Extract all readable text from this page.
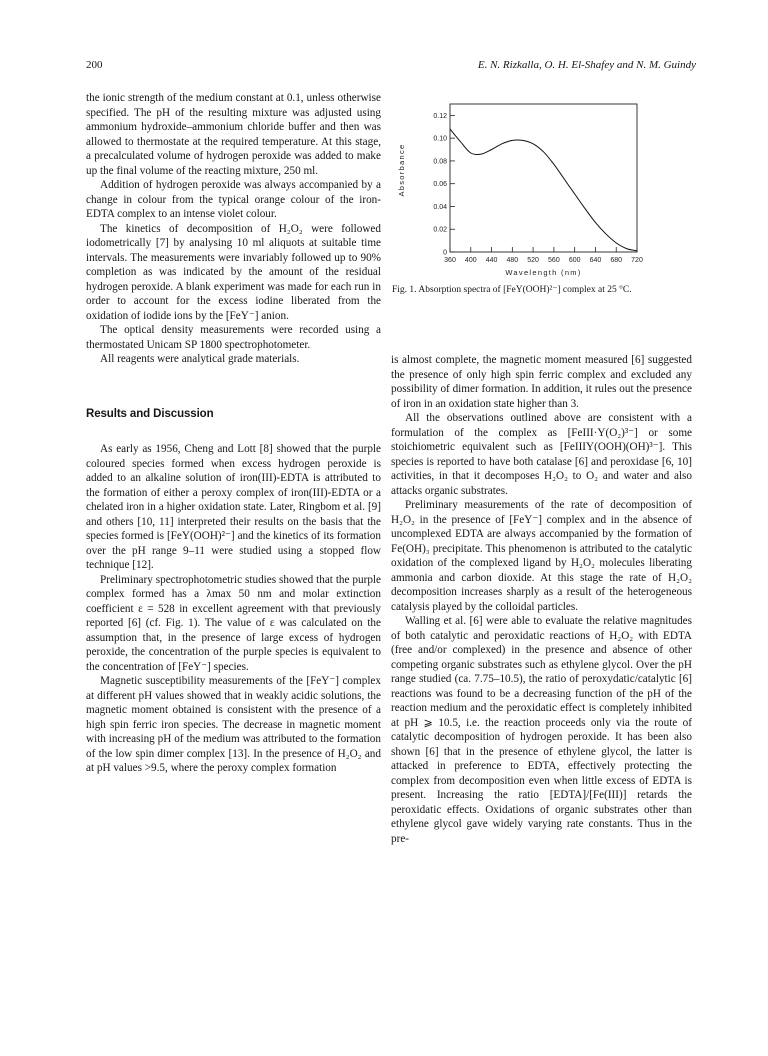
200	E. N. Rizkalla, O. H. El-Shafey and N. M. Guindy

the ionic strength of the medium constant at 0.1, unless otherwise specified. The pH of the resulting mixture was adjusted using ammonium hydroxide–ammonium chloride buffer and then was allowed to thermostate at the required temperature. At this stage, a precalculated volume of hydrogen peroxide was added to make up the final volume of the reacting mixture, 250 ml.

Addition of hydrogen peroxide was always accompanied by a change in colour from the typical orange colour of the iron-EDTA complex to an intense violet colour.

The kinetics of decomposition of H₂O₂ were followed iodometrically [7] by analysing 10 ml aliquots at suitable time intervals. The measurements were invariably followed up to 90% completion as was indicated by the amount of the residual hydrogen peroxide. A blank experiment was made for each run in order to account for the excess iodine liberated from the oxidation of iodide ions by the [FeY⁻] anion.

The optical density measurements were recorded using a thermostated Unicam SP 1800 spectrophotometer.

All reagents were analytical grade materials.

Results and Discussion

As early as 1956, Cheng and Lott [8] showed that the purple coloured species formed when excess hydrogen peroxide is added to an alkaline solution of iron(III)-EDTA is attributed to the formation of either a peroxy complex of iron(III)-EDTA or a chelated iron in a higher oxidation state. Later, Ringbom et al. [9] and others [10, 11] interpreted their results on the basis that the species formed is [FeY(OOH)²⁻] and the kinetics of its formation over the pH range 9–11 were studied using a stopped flow technique [12].

Preliminary spectrophotometric studies showed that the purple complex formed has a λmax 50 nm and molar extinction coefficient ε = 528 in excellent agreement with that previously reported [6] (cf. Fig. 1). The value of ε was calculated on the assumption that, in the presence of large excess of hydrogen peroxide, the concentration of the purple species is equivalent to the concentration of [FeY⁻] species.

Magnetic susceptibility measurements of the [FeY⁻] complex at different pH values showed that in weakly acidic solutions, the magnetic moment obtained is consistent with the presence of a high spin ferric iron species. The decrease in magnetic moment with increasing pH of the medium was attributed to the formation of the low spin dimer complex [13]. In the presence of H₂O₂ and at pH values >9.5, where the peroxy complex formation

360 400 440 480 520 560 600 640 680 720
0
0.02
0.04
0.06
0.08
0.10
0.12
Wavelength (nm)
Absorbance
Fig. 1. Absorption spectra of [FeY(OOH)²⁻] complex at 25 °C.

is almost complete, the magnetic moment measured [6] suggested the presence of only high spin ferric complex and excluded any possibility of dimer formation. In addition, it rules out the presence of iron in an oxidation state higher than 3.

All the observations outlined above are consistent with a formulation of the complex as [FeIII·Y(O₂)³⁻] or some stoichiometric equivalent such as [FeIIIY(OOH)(OH)³⁻]. This species is reported to have both catalase [6] and peroxidase [6, 10] activities, in that it decomposes H₂O₂ to O₂ and water and also attacks organic substrates.

Preliminary measurements of the rate of decomposition of H₂O₂ in the presence of [FeY⁻] complex and in the absence of uncomplexed EDTA are always accompanied by the formation of Fe(OH)₃ precipitate. This phenomenon is attributed to the catalytic oxidation of the complexed ligand by H₂O₂ molecules liberating ammonia and carbon dioxide. At this stage the rate of H₂O₂ decomposition increases sharply as a result of the heterogeneous catalysis played by the colloidal particles.

Walling et al. [6] were able to evaluate the relative magnitudes of both catalytic and peroxidatic reactions of H₂O₂ with EDTA (free and/or complexed) in the presence and absence of other competing organic substrates such as ethylene glycol. Over the pH range studied (ca. 7.75–10.5), the ratio of peroxydatic/catalytic [6] reactions was found to be a decreasing function of the pH of the reaction medium and the peroxidatic effect is completely inhibited at pH ⩾ 10.5, i.e. the reaction proceeds only via the route of catalytic decomposition of hydrogen peroxide. It has been also shown [6] that in the presence of ethylene glycol, the latter is attacked in preference to EDTA, effectively protecting the complex from decomposition even when little excess of EDTA is present. Increasing the ratio [EDTA]/[Fe(III)] retards the peroxidatic effects. Oxidations of organic substrates other than ethylene glycol gave widely varying rate constants. Thus in the pre-
